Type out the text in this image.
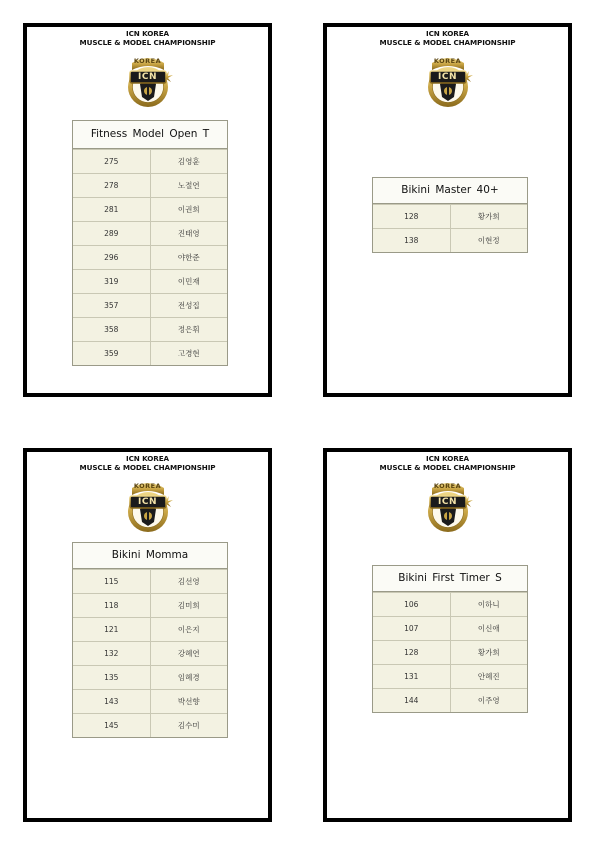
ICN KOREA
MUSCLE & MODEL CHAMPIONSHIP
KOREA
ICN
Fitness Model Open T
275	김영훈
278	노절연
281	이권희
289	진태영
296	야한준
319	이민재
357	전성집
358	정은휘
359	고경현
ICN KOREA
MUSCLE & MODEL CHAMPIONSHIP
KOREA
ICN
Bikini Master 40+
128	황가희
138	이현정
ICN KOREA
MUSCLE & MODEL CHAMPIONSHIP
KOREA
ICN
Bikini Momma
115	김선영
118	김미희
121	이은지
132	강혜연
135	임혜경
143	박선향
145	김수미
ICN KOREA
MUSCLE & MODEL CHAMPIONSHIP
KOREA
ICN
Bikini First Timer S
106	이하니
107	이신애
128	황가희
131	안혜진
144	이주영
